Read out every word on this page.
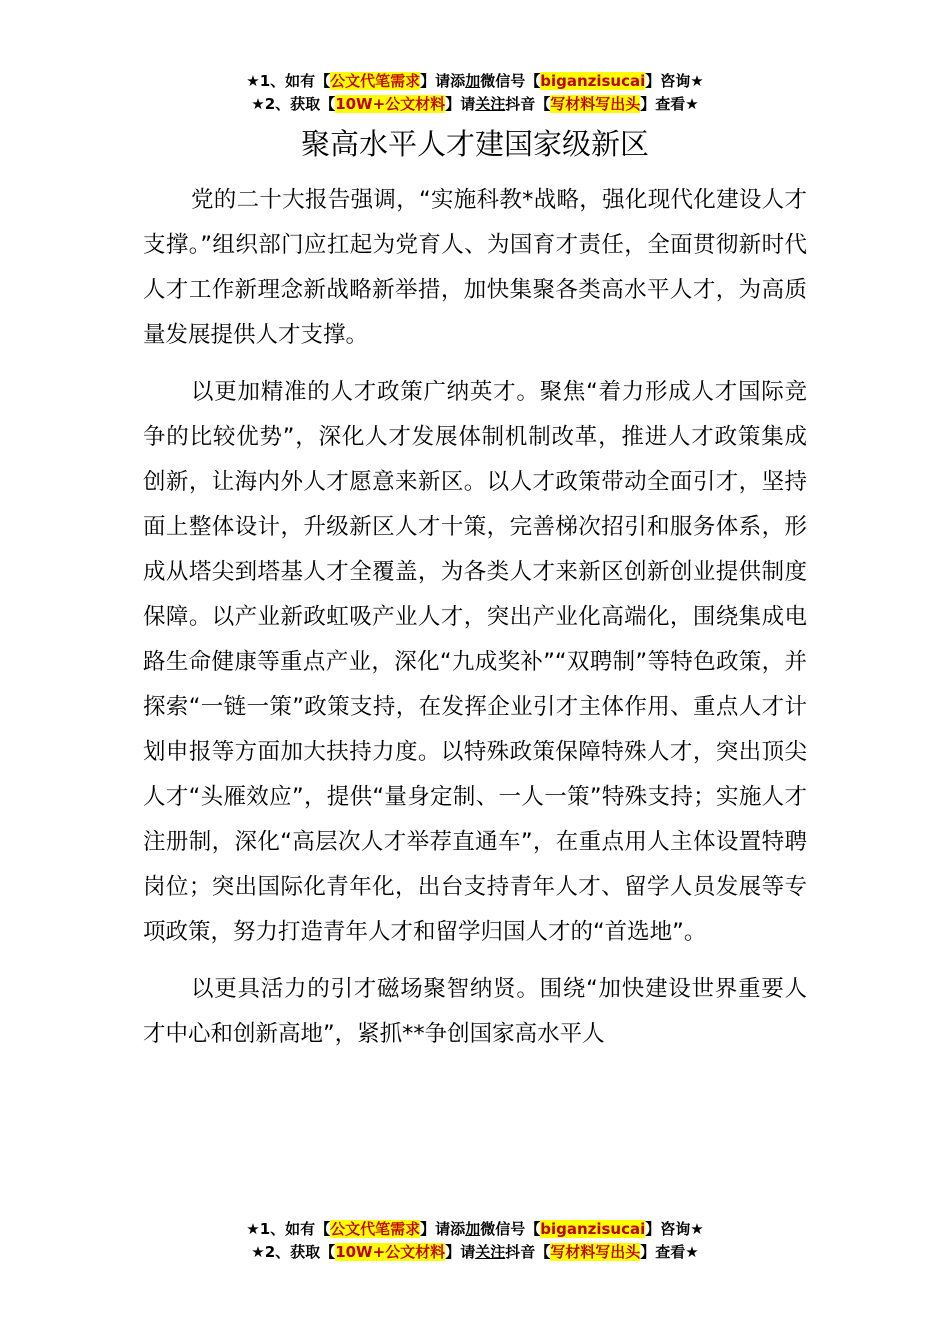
★1、如有【公文代笔需求】请添加微信号【biganzisucai】咨询★
★2、获取【10W+公文材料】请关注抖音【写材料写出头】查看★
聚高水平人才建国家级新区

党的二十大报告强调，“实施科教*战略，强化现代化建设人才支撑。”组织部门应扛起为党育人、为国育才责任，全面贯彻新时代人才工作新理念新战略新举措，加快集聚各类高水平人才，为高质量发展提供人才支撑。

以更加精准的人才政策广纳英才。聚焦“着力形成人才国际竞争的比较优势”，深化人才发展体制机制改革，推进人才政策集成创新，让海内外人才愿意来新区。以人才政策带动全面引才，坚持面上整体设计，升级新区人才十策，完善梯次招引和服务体系，形成从塔尖到塔基人才全覆盖，为各类人才来新区创新创业提供制度保障。以产业新政虹吸产业人才，突出产业化高端化，围绕集成电路生命健康等重点产业，深化“九成奖补”“双聘制”等特色政策，并探索“一链一策”政策支持，在发挥企业引才主体作用、重点人才计划申报等方面加大扶持力度。以特殊政策保障特殊人才，突出顶尖人才“头雁效应”，提供“量身定制、一人一策”特殊支持；实施人才注册制，深化“高层次人才举荐直通车”，在重点用人主体设置特聘岗位；突出国际化青年化，出台支持青年人才、留学人员发展等专项政策，努力打造青年人才和留学归国人才的“首选地”。

以更具活力的引才磁场聚智纳贤。围绕“加快建设世界重要人才中心和创新高地”，紧抓**争创国家高水平人

★1、如有【公文代笔需求】请添加微信号【biganzisucai】咨询★
★2、获取【10W+公文材料】请关注抖音【写材料写出头】查看★
